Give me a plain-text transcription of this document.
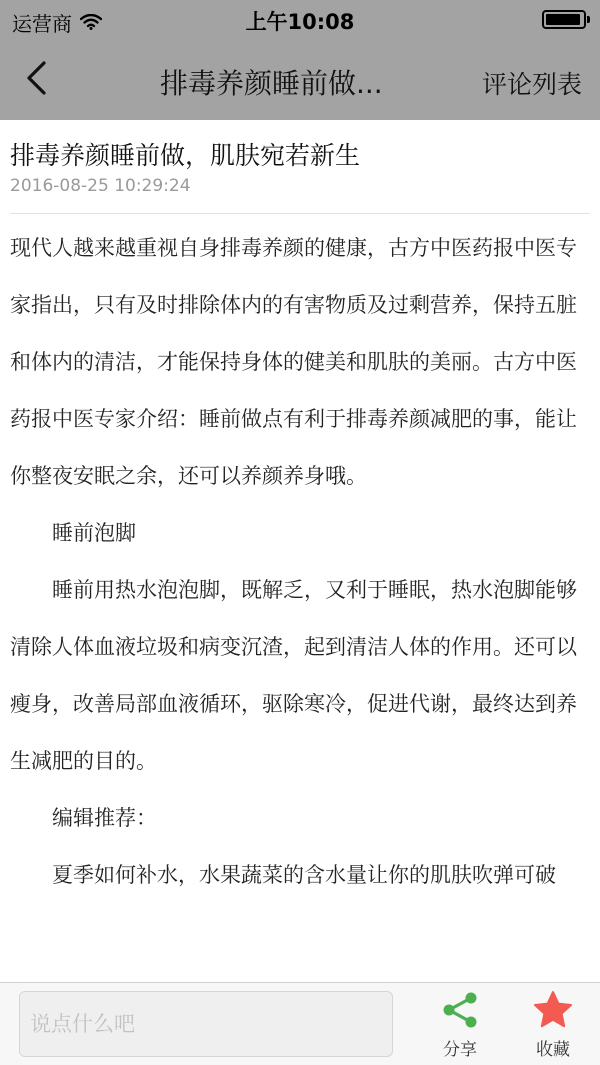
运营商	上午10:08
排毒养颜睡前做...	评论列表
排毒养颜睡前做，肌肤宛若新生
2016-08-25 10:29:24

现代人越来越重视自身排毒养颜的健康，古方中医药报中医专家指出，只有及时排除体内的有害物质及过剩营养，保持五脏和体内的清洁，才能保持身体的健美和肌肤的美丽。古方中医药报中医专家介绍：睡前做点有利于排毒养颜减肥的事，能让你整夜安眠之余，还可以养颜养身哦。

睡前泡脚

睡前用热水泡泡脚，既解乏，又利于睡眠，热水泡脚能够清除人体血液垃圾和病变沉渣，起到清洁人体的作用。还可以瘦身，改善局部血液循环，驱除寒冷，促进代谢，最终达到养生减肥的目的。

编辑推荐：

夏季如何补水，水果蔬菜的含水量让你的肌肤吹弹可破

说点什么吧
分享	收藏
